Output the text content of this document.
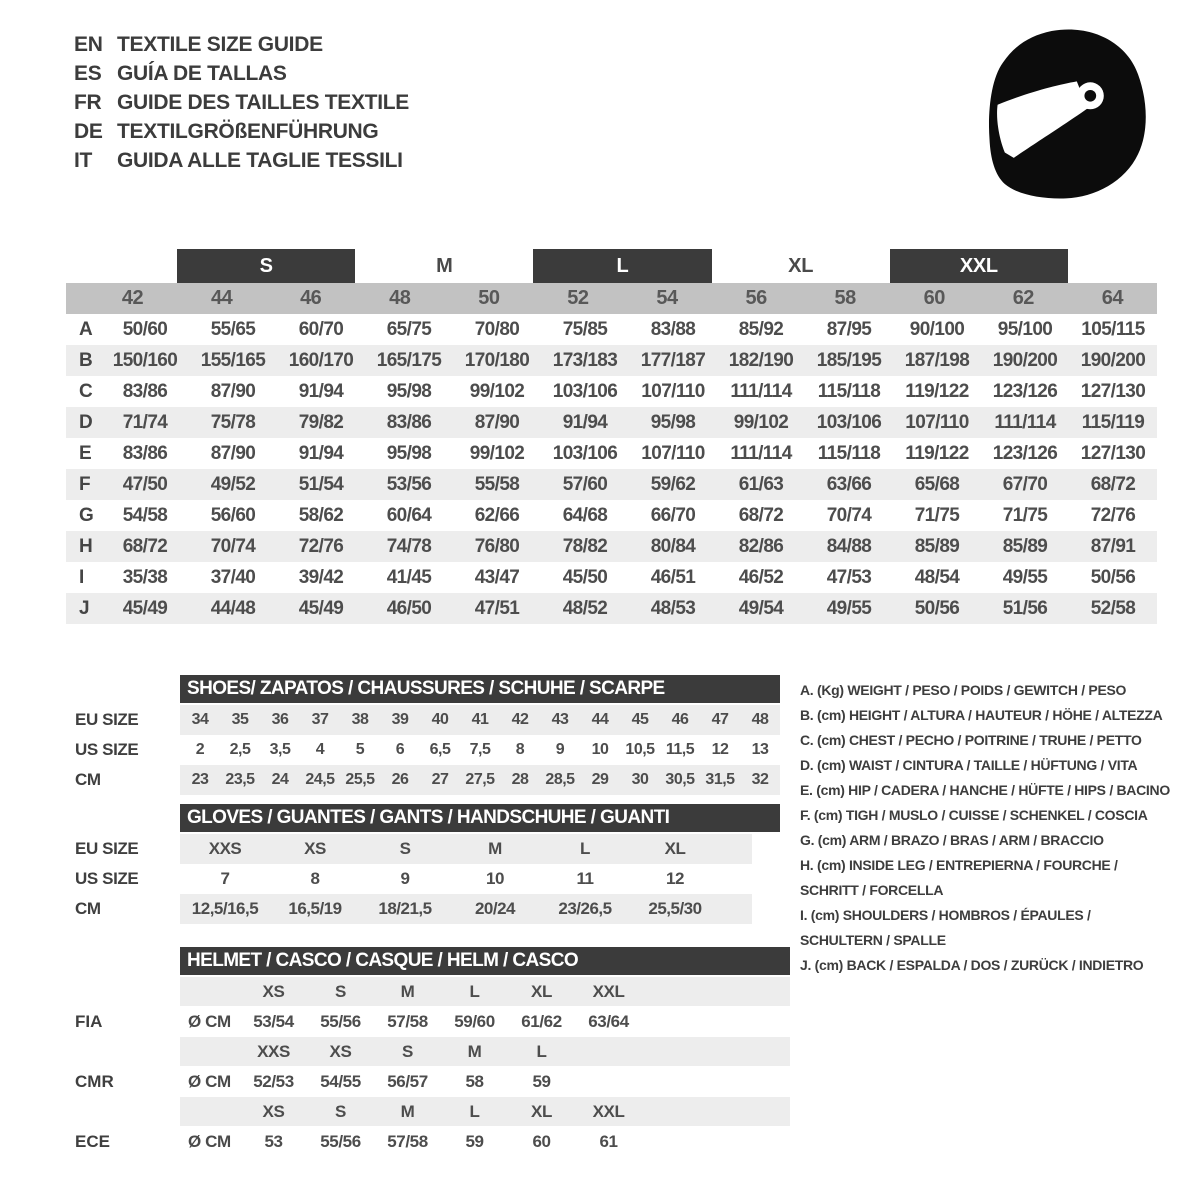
EN TEXTILE SIZE GUIDE
ES GUÍA DE TALLAS
FR GUIDE DES TAILLES TEXTILE
DE TEXTILGRÖßENFÜHRUNG
IT	GUIDA ALLE TAGLIE TESSILI
S	M	L	XL	XXL
42	44	46	48	50	52	54	56	58	60	62	64
A	50/60	55/65	60/70	65/75	70/80	75/85	83/88	85/92	87/95	90/100	95/100	105/115
B	150/160	155/165	160/170	165/175	170/180	173/183	177/187	182/190	185/195	187/198	190/200	190/200
C	83/86	87/90	91/94	95/98	99/102	103/106	107/110	111/114	115/118	119/122	123/126	127/130
D	71/74	75/78	79/82	83/86	87/90	91/94	95/98	99/102	103/106	107/110	111/114	115/119
E	83/86	87/90	91/94	95/98	99/102	103/106	107/110	111/114	115/118	119/122	123/126	127/130
F	47/50	49/52	51/54	53/56	55/58	57/60	59/62	61/63	63/66	65/68	67/70	68/72
G	54/58	56/60	58/62	60/64	62/66	64/68	66/70	68/72	70/74	71/75	71/75	72/76
H	68/72	70/74	72/76	74/78	76/80	78/82	80/84	82/86	84/88	85/89	85/89	87/91
I	35/38	37/40	39/42	41/45	43/47	45/50	46/51	46/52	47/53	48/54	49/55	50/56
J	45/49	44/48	45/49	46/50	47/51	48/52	48/53	49/54	49/55	50/56	51/56	52/58
SHOES/ ZAPATOS / CHAUSSURES / SCHUHE / SCARPE
EU SIZE	34	35	36	37	38	39	40	41	42	43	44	45	46	47	48
US SIZE	2	2,5	3,5	4	5	6	6,5	7,5	8	9	10	10,5 11,5	12	13
CM	23	23,5	24	24,5 25,5	26	27	27,5	28	28,5	29	30	30,5 31,5	32
GLOVES / GUANTES / GANTS / HANDSCHUHE / GUANTI
EU SIZE	XXS	XS	S	M	L	XL
US SIZE	7	8	9	10	11	12
CM	12,5/16,5	16,5/19	18/21,5	20/24	23/26,5	25,5/30
HELMET / CASCO / CASQUE / HELM / CASCO
FIA
XS	S	M	L	XL	XXL
Ø CM	53/54	55/56	57/58	59/60	61/62	63/64
CMR
XXS	XS	S	M	L
Ø CM	52/53	54/55	56/57	58	59
ECE
XS	S	M	L	XL	XXL
Ø CM	53	55/56	57/58	59	60	61
A. (Kg) WEIGHT / PESO / POIDS / GEWITCH / PESO
B. (cm) HEIGHT / ALTURA / HAUTEUR / HÖHE / ALTEZZA
C. (cm) CHEST / PECHO / POITRINE / TRUHE / PETTO
D. (cm) WAIST / CINTURA / TAILLE / HÜFTUNG / VITA
E. (cm) HIP / CADERA / HANCHE / HÜFTE / HIPS / BACINO
F. (cm) TIGH / MUSLO / CUISSE / SCHENKEL / COSCIA
G. (cm) ARM / BRAZO / BRAS / ARM / BRACCIO
H. (cm) INSIDE LEG / ENTREPIERNA / FOURCHE /
SCHRITT / FORCELLA
I. (cm) SHOULDERS / HOMBROS / ÉPAULES /
SCHULTERN / SPALLE
J. (cm) BACK / ESPALDA / DOS / ZURÜCK / INDIETRO
